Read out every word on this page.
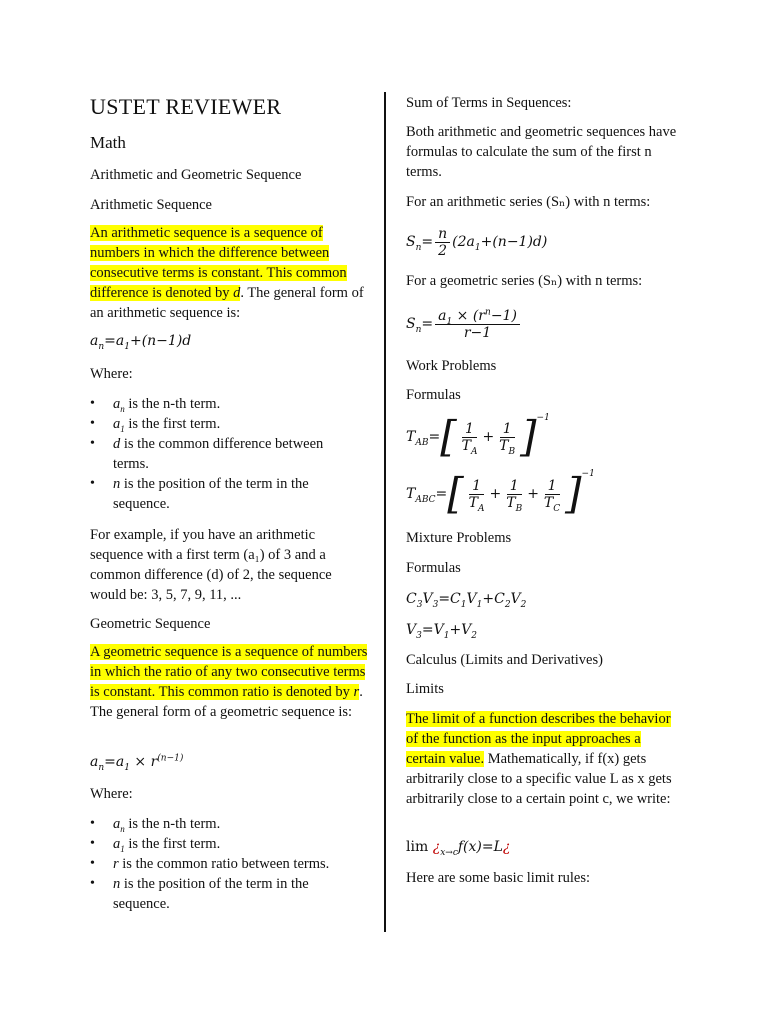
USTET REVIEWER
Math

Arithmetic and Geometric Sequence

Arithmetic Sequence

An arithmetic sequence is a sequence of numbers in which the difference between consecutive terms is constant. This common difference is denoted by d. The general form of an arithmetic sequence is:

$a_n=a_1+(n-1)d$

Where:

• $a_n$ is the n-th term.
• $a_1$ is the first term.
• d is the common difference between terms.
• n is the position of the term in the sequence.

For example, if you have an arithmetic sequence with a first term (a₁) of 3 and a common difference (d) of 2, the sequence would be: 3, 5, 7, 9, 11, ...

Geometric Sequence

A geometric sequence is a sequence of numbers in which the ratio of any two consecutive terms is constant. This common ratio is denoted by r. The general form of a geometric sequence is:

$a_n=a_1 \times r^{(n-1)}$

Where:

• $a_n$ is the n-th term.
• $a_1$ is the first term.
• r is the common ratio between terms.
• n is the position of the term in the sequence.

Sum of Terms in Sequences:

Both arithmetic and geometric sequences have formulas to calculate the sum of the first n terms.

For an arithmetic series (Sₙ) with n terms:

$S_n= \frac{n}{2} (2a_1+(n-1)d)$

For a geometric series (Sₙ) with n terms:

$S_n= \frac{a_1 \times (r^n-1)}{r-1}$

Work Problems

Formulas

$T_{AB}=$ [ $\frac{1}{T_A} + \frac{1}{T_B}$ ] −1
$T_{ABC}=$ [ $\frac{1}{T_A} + \frac{1}{T_B} + \frac{1}{T_C}$ ] −1

Mixture Problems

Formulas

$C_3V_3=C_1V_1+C_2V_2$

$V_3=V_1+V_2$

Calculus (Limits and Derivatives)

Limits

The limit of a function describes the behavior of the function as the input approaches a certain value. Mathematically, if f(x) gets arbitrarily close to a specific value L as x gets arbitrarily close to a certain point c, we write:

$\lim ¿_{x\to c}f(x)=L¿$

Here are some basic limit rules:
